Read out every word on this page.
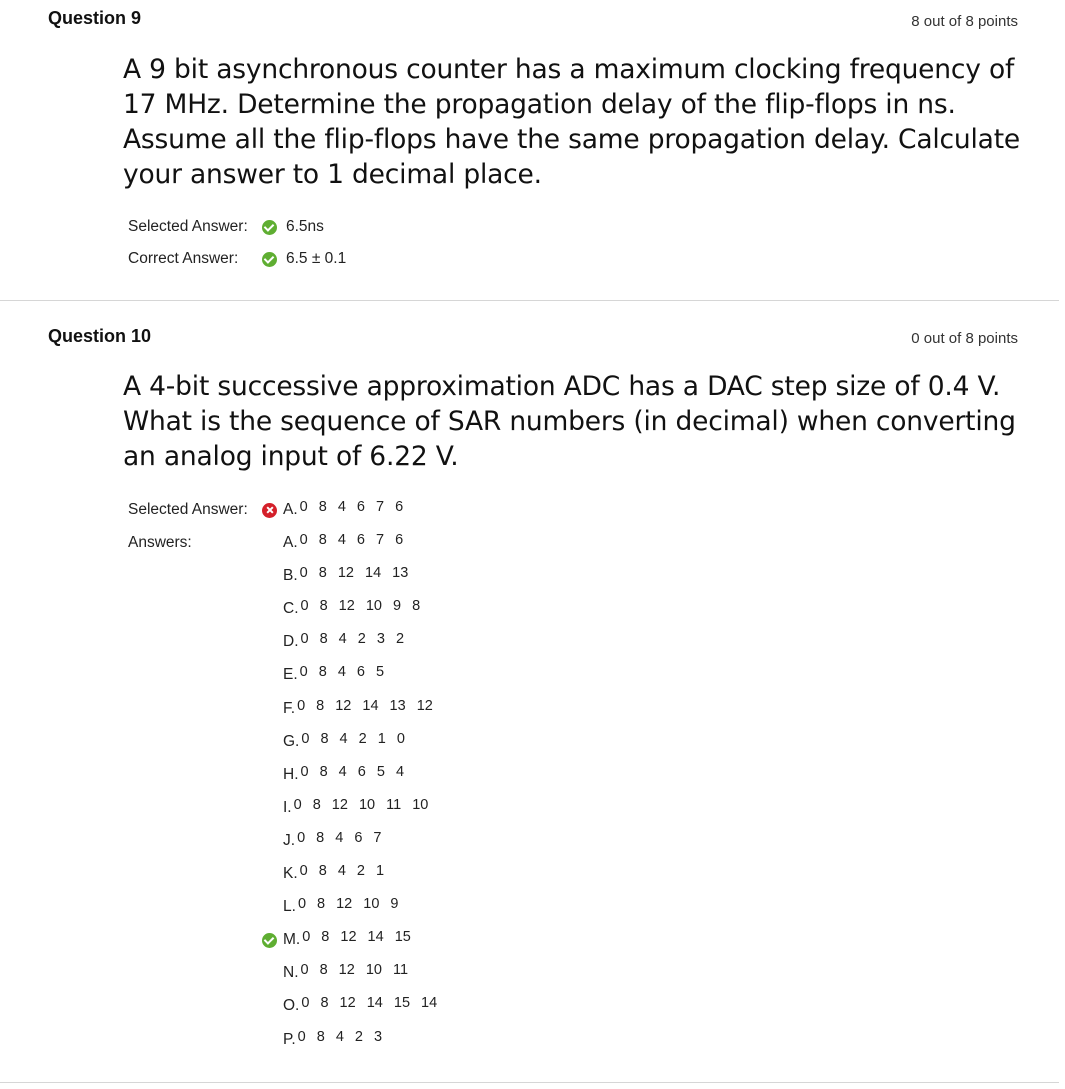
Question 9	8 out of 8 points
A 9 bit asynchronous counter has a maximum clocking frequency of 17 MHz. Determine the propagation delay of the flip-flops in ns. Assume all the flip-flops have the same propagation delay. Calculate your answer to 1 decimal place.
Selected Answer:	6.5ns
Correct Answer:	6.5 ± 0.1
Question 10	0 out of 8 points
A 4-bit successive approximation ADC has a DAC step size of 0.4 V. What is the sequence of SAR numbers (in decimal) when converting an analog input of 6.22 V.
Selected Answer:	A. 0 8 4 6 7 6
Answers:	A. 0 8 4 6 7 6
B. 0 8 12 14 13
C. 0 8 12 10 9 8
D. 0 8 4 2 3 2
E. 0 8 4 6 5
F. 0 8 12 14 13 12
G. 0 8 4 2 1 0
H. 0 8 4 6 5 4
I. 0 8 12 10 11 10
J. 0 8 4 6 7
K. 0 8 4 2 1
L. 0 8 12 10 9
M. 0 8 12 14 15
N. 0 8 12 10 11
O. 0 8 12 14 15 14
P. 0 8 4 2 3
